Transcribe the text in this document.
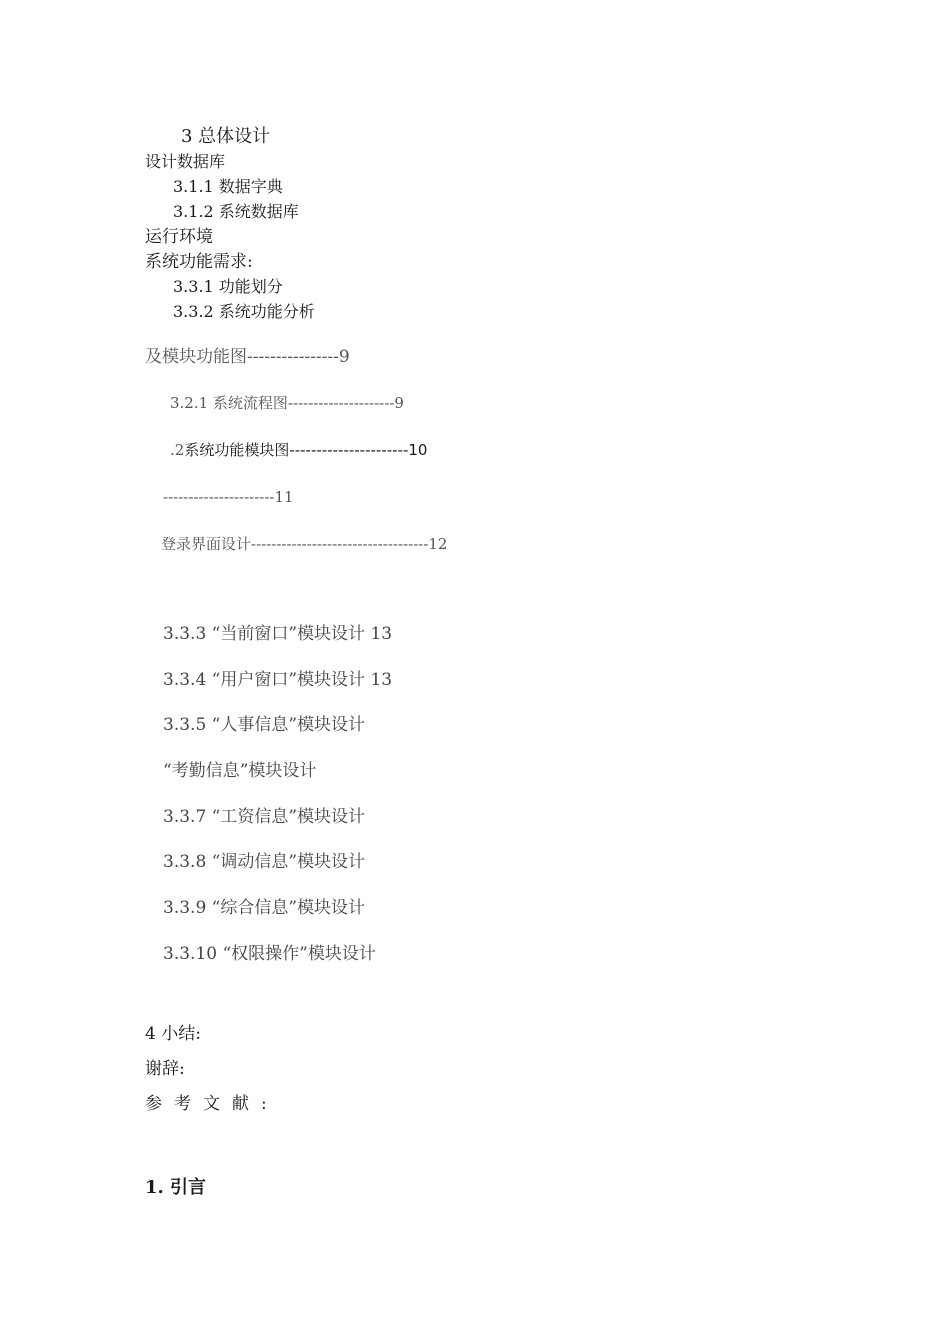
3 总体设计
设计数据库
3.1.1 数据字典
3.1.2 系统数据库
运行环境
系统功能需求:
3.3.1 功能划分
3.3.2 系统功能分析
及模块功能图----------------9
3.2.1 系统流程图---------------------9
.2系统功能模块图----------------------10
----------------------11
登录界面设计-----------------------------------12
3.3.3 “当前窗口”模块设计 13
3.3.4 “用户窗口”模块设计 13
3.3.5 “人事信息”模块设计
“考勤信息”模块设计
3.3.7 “工资信息”模块设计
3.3.8 “调动信息”模块设计
3.3.9 “综合信息”模块设计
3.3.10 “权限操作”模块设计
4 小结:
谢辞:
参考文献:
1. 引言
